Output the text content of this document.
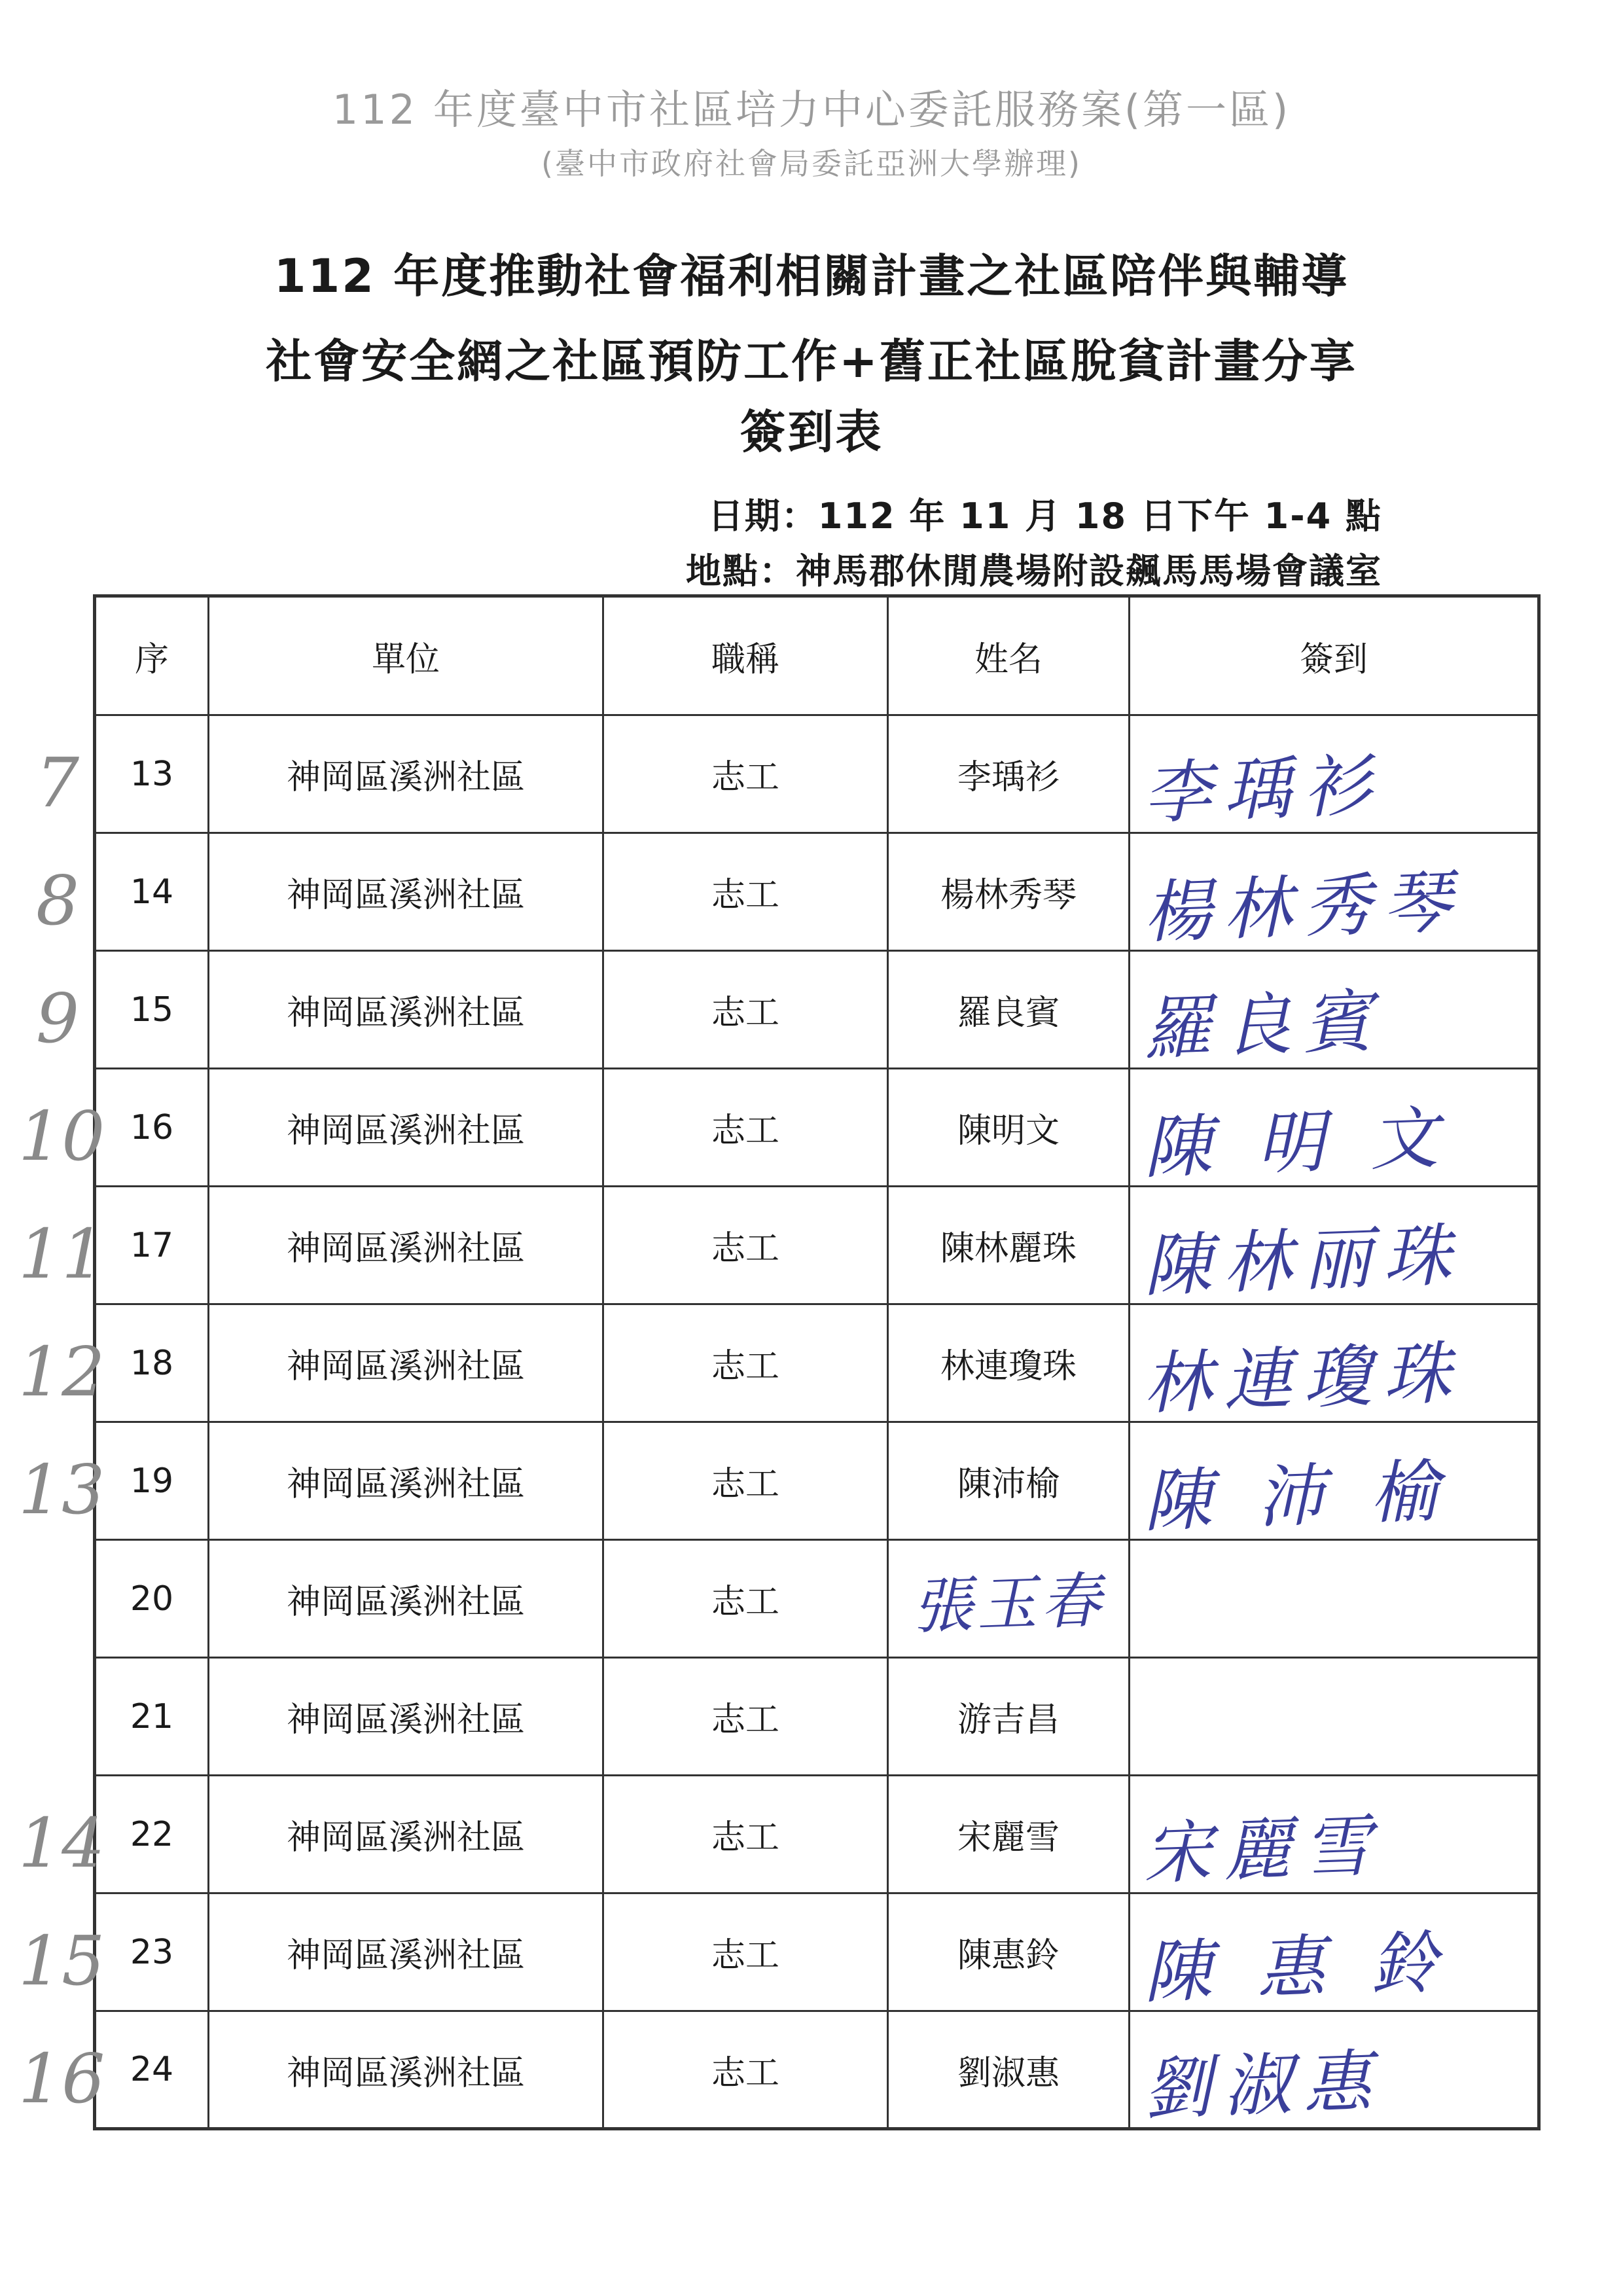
112 年度臺中市社區培力中心委託服務案(第一區)
(臺中市政府社會局委託亞洲大學辦理)
112 年度推動社會福利相關計畫之社區陪伴與輔導
社會安全網之社區預防工作+舊正社區脫貧計畫分享
簽到表
日期：112 年 11 月 18 日下午 1-4 點
地點：神馬郡休閒農場附設飆馬馬場會議室
序	單位	職稱	姓名	簽到
13	神岡區溪洲社區	志工	李瑀衫	李瑀衫

14	神岡區溪洲社區	志工	楊林秀琴	楊林秀琴

15	神岡區溪洲社區	志工	羅良賓	羅良賓

16	神岡區溪洲社區	志工	陳明文	陳 明 文

17	神岡區溪洲社區	志工	陳林麗珠	陳林丽珠

18	神岡區溪洲社區	志工	林連瓊珠	林連瓊珠

19	神岡區溪洲社區	志工	陳沛榆	陳 沛 榆

20	神岡區溪洲社區	志工	張玉春	
21	神岡區溪洲社區	志工	游吉昌	
22	神岡區溪洲社區	志工	宋麗雪	宋麗雪

23	神岡區溪洲社區	志工	陳惠鈴	陳 惠 鈴

24	神岡區溪洲社區	志工	劉淑惠	劉淑惠
7
8
9
10
11
12
13
14
15
16
